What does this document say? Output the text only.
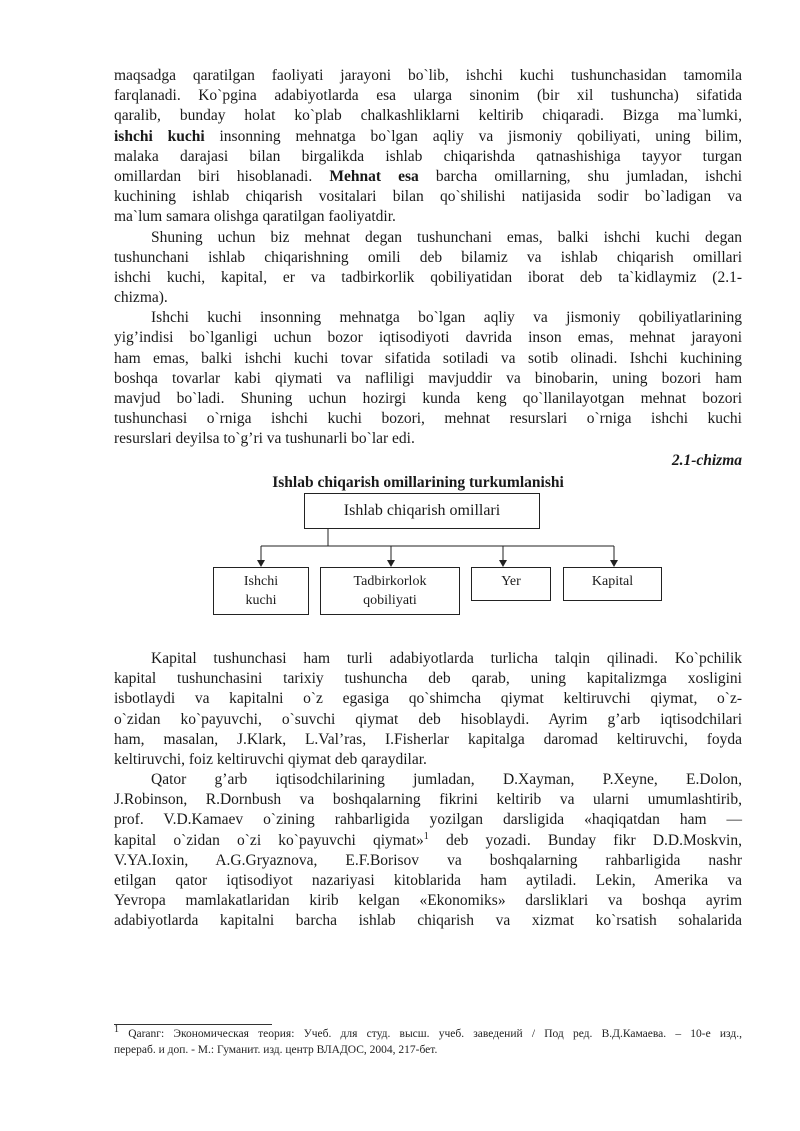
maqsadga qaratilgan faoliyati jarayoni bo`lib, ishchi kuchi tushunchasidan tamomila
farqlanadi. Ko`pgina adabiyotlarda esa ularga sinonim (bir xil tushuncha) sifatida
qaralib, bunday holat ko`plab chalkashliklarni keltirib chiqaradi. Bizga ma`lumki,
ishchi kuchi insonning mehnatga bo`lgan aqliy va jismoniy qobiliyati, uning bilim,
malaka darajasi bilan birgalikda ishlab chiqarishda qatnashishiga tayyor turgan
omillardan biri hisoblanadi. Mehnat esa barcha omillarning, shu jumladan, ishchi
kuchining ishlab chiqarish vositalari bilan qo`shilishi natijasida sodir bo`ladigan va
ma`lum samara olishga qaratilgan faoliyatdir.
Shuning uchun biz mehnat degan tushunchani emas, balki ishchi kuchi degan
tushunchani ishlab chiqarishning omili deb bilamiz va ishlab chiqarish omillari
ishchi kuchi, kapital, er va tadbirkorlik qobiliyatidan iborat deb ta`kidlaymiz (2.1-
chizma).
Ishchi kuchi insonning mehnatga bo`lgan aqliy va jismoniy qobiliyatlarining
yig’indisi bo`lganligi uchun bozor iqtisodiyoti davrida inson emas, mehnat jarayoni
ham emas, balki ishchi kuchi tovar sifatida sotiladi va sotib olinadi. Ishchi kuchining
boshqa tovarlar kabi qiymati va nafliligi mavjuddir va binobarin, uning bozori ham
mavjud bo`ladi. Shuning uchun hozirgi kunda keng qo`llanilayotgan mehnat bozori
tushunchasi o`rniga ishchi kuchi bozori, mehnat resurslari o`rniga ishchi kuchi
resurslari deyilsa to`g’ri va tushunarli bo`lar edi.
2.1-chizma
Ishlab chiqarish omillarining turkumlanishi
Ishlab chiqarish omillari
Ishchi
kuchi
Tadbirkorlok
qobiliyati
Yer	Kapital
Kapital tushunchasi ham turli adabiyotlarda turlicha talqin qilinadi. Ko`pchilik
kapital tushunchasini tarixiy tushuncha deb qarab, uning kapitalizmga xosligini
isbotlaydi va kapitalni o`z egasiga qo`shimcha qiymat keltiruvchi qiymat, o`z-
o`zidan ko`payuvchi, o`suvchi qiymat deb hisoblaydi. Ayrim g’arb iqtisodchilari
ham, masalan, J.Klark, L.Val’ras, I.Fisherlar kapitalga daromad keltiruvchi, foyda
keltiruvchi, foiz keltiruvchi qiymat deb qaraydilar.
Qator g’arb iqtisodchilarining jumladan, D.Xayman, P.Xeyne, E.Dolon,
J.Robinson, R.Dornbush va boshqalarning fikrini keltirib va ularni umumlashtirib,
prof. V.D.Kamaev o`zining rahbarligida yozilgan darsligida «haqiqatdan ham —
kapital o`zidan o`zi ko`payuvchi qiymat»$^1$ deb yozadi. Bunday fikr D.D.Moskvin,
V.YA.Ioxin, A.G.Gryaznova, E.F.Borisov va boshqalarning rahbarligida nashr
etilgan qator iqtisodiyot nazariyasi kitoblarida ham aytiladi. Lekin, Amerika va
Yevropa mamlakatlaridan kirib kelgan «Ekonomiks» darsliklari va boshqa ayrim
adabiyotlarda kapitalni barcha ishlab chiqarish va xizmat ko`rsatish sohalarida
$^1$ Qaranг: Экономическая теория: Учеб. для студ. высш. учеб. заведений / Под ред. В.Д.Камаева. – 10-е изд.,
перераб. и доп. - М.: Гуманит. изд. центр ВЛАДОС, 2004, 217-бет.
